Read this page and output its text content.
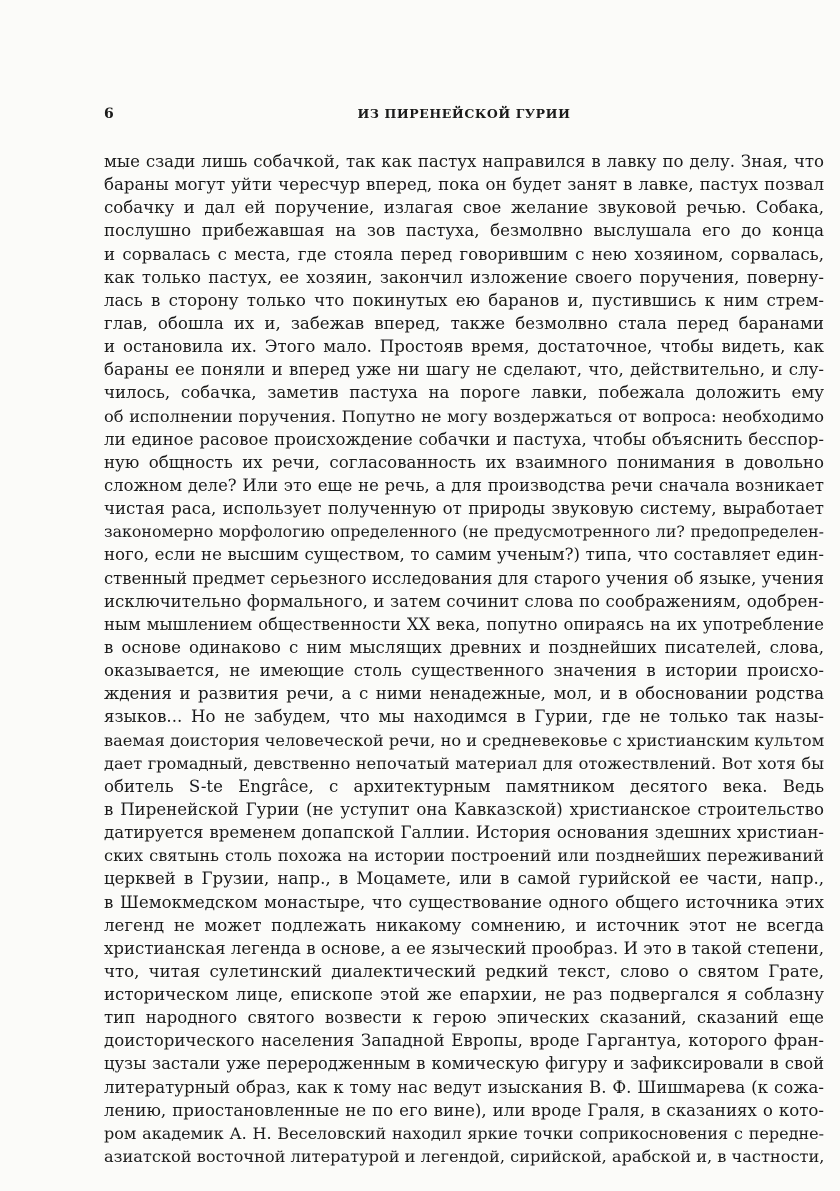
6	ИЗ ПИРЕНЕЙСКОЙ ГУРИИ
мые сзади лишь собачкой, так как пастух направился в лавку по делу. Зная, что
бараны могут уйти чересчур вперед, пока он будет занят в лавке, пастух позвал
собачку и дал ей поручение, излагая свое желание звуковой речью. Собака,
послушно прибежавшая на зов пастуха, безмолвно выслушала его до конца
и сорвалась с места, где стояла перед говорившим с нею хозяином, сорвалась,
как только пастух, ее хозяин, закончил изложение своего поручения, поверну-
лась в сторону только что покинутых ею баранов и, пустившись к ним стрем-
глав, обошла их и, забежав вперед, также безмолвно стала перед баранами
и остановила их. Этого мало. Простояв время, достаточное, чтобы видеть, как
бараны ее поняли и вперед уже ни шагу не сделают, что, действительно, и слу-
чилось, собачка, заметив пастуха на пороге лавки, побежала доложить ему
об исполнении поручения. Попутно не могу воздержаться от вопроса: необходимо
ли единое расовое происхождение собачки и пастуха, чтобы объяснить бесспор-
ную общность их речи, согласованность их взаимного понимания в довольно
сложном деле? Или это еще не речь, а для производства речи сначала возникает
чистая раса, использует полученную от природы звуковую систему, выработает
закономерно морфологию определенного (не предусмотренного ли? предопределен-
ного, если не высшим существом, то самим ученым?) типа, что составляет един-
ственный предмет серьезного исследования для старого учения об языке, учения
исключительно формального, и затем сочинит слова по соображениям, одобрен-
ным мышлением общественности XX века, попутно опираясь на их употребление
в основе одинаково с ним мыслящих древних и позднейших писателей, слова,
оказывается, не имеющие столь существенного значения в истории происхо-
ждения и развития речи, а с ними ненадежные, мол, и в обосновании родства
языков... Но не забудем, что мы находимся в Гурии, где не только так назы-
ваемая доистория человеческой речи, но и средневековье с христианским культом
дает громадный, девственно непочатый материал для отожествлений. Вот хотя бы
обитель S-te Engrâce, с архитектурным памятником десятого века. Ведь
в Пиренейской Гурии (не уступит она Кавказской) христианское строительство
датируется временем допапской Галлии. История основания здешних христиан-
ских святынь столь похожа на истории построений или позднейших переживаний
церквей в Грузии, напр., в Моцамете, или в самой гурийской ее части, напр.,
в Шемокмедском монастыре, что существование одного общего источника этих
легенд не может подлежать никакому сомнению, и источник этот не всегда
христианская легенда в основе, а ее языческий прообраз. И это в такой степени,
что, читая сулетинский диалектический редкий текст, слово о святом Грате,
историческом лице, епископе этой же епархии, не раз подвергался я соблазну
тип народного святого возвести к герою эпических сказаний, сказаний еще
доисторического населения Западной Европы, вроде Гаргантуа, которого фран-
цузы застали уже переродженным в комическую фигуру и зафиксировали в свой
литературный образ, как к тому нас ведут изыскания В. Ф. Шишмарева (к сожа-
лению, приостановленные не по его вине), или вроде Граля, в сказаниях о кото-
ром академик А. Н. Веселовский находил яркие точки соприкосновения с передне-
азиатской восточной литературой и легендой, сирийской, арабской и, в частности,
